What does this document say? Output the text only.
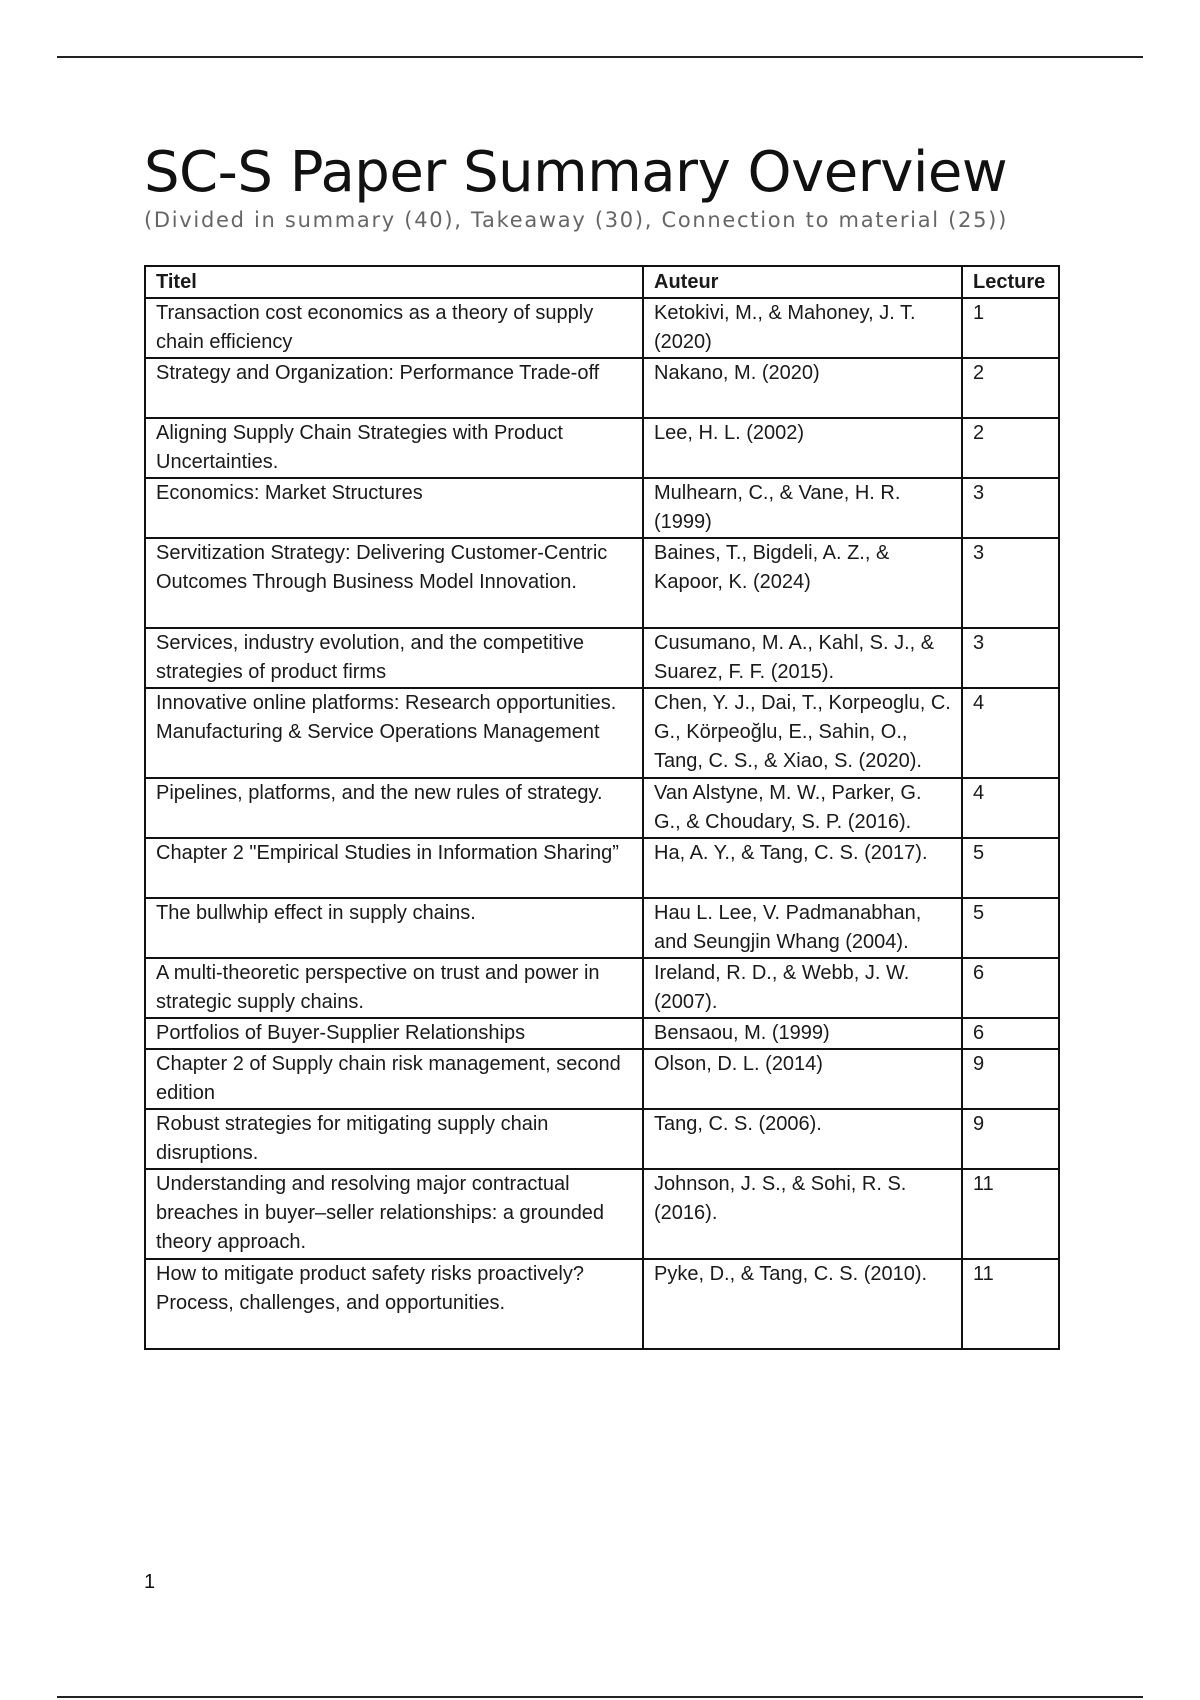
SC-S Paper Summary Overview

(Divided in summary (40), Takeaway (30), Connection to material (25))

Titel	Auteur	Lecture
Transaction cost economics as a theory of supply chain efficiency	Ketokivi, M., & Mahoney, J. T. (2020)	1
Strategy and Organization: Performance Trade-off	Nakano, M. (2020)	2
Aligning Supply Chain Strategies with Product Uncertainties.	Lee, H. L. (2002)	2
Economics: Market Structures	Mulhearn, C., & Vane, H. R. (1999)	3
Servitization Strategy: Delivering Customer-Centric Outcomes Through Business Model Innovation.	Baines, T., Bigdeli, A. Z., & Kapoor, K. (2024)	3
Services, industry evolution, and the competitive strategies of product firms	Cusumano, M. A., Kahl, S. J., & Suarez, F. F. (2015).	3
Innovative online platforms: Research opportunities. Manufacturing & Service Operations Management	Chen, Y. J., Dai, T., Korpeoglu, C. G., Körpeoğlu, E., Sahin, O., Tang, C. S., & Xiao, S. (2020).	4
Pipelines, platforms, and the new rules of strategy.	Van Alstyne, M. W., Parker, G. G., & Choudary, S. P. (2016).	4
Chapter 2 "Empirical Studies in Information Sharing”	Ha, A. Y., & Tang, C. S. (2017).	5
The bullwhip effect in supply chains.	Hau L. Lee, V. Padmanabhan, and Seungjin Whang (2004).	5
A multi-theoretic perspective on trust and power in strategic supply chains.	Ireland, R. D., & Webb, J. W. (2007).	6
Portfolios of Buyer-Supplier Relationships	Bensaou, M. (1999)	6
Chapter 2 of Supply chain risk management, second edition	Olson, D. L. (2014)	9
Robust strategies for mitigating supply chain disruptions.	Tang, C. S. (2006).	9
Understanding and resolving major contractual breaches in buyer–seller relationships: a grounded theory approach.	Johnson, J. S., & Sohi, R. S. (2016).	11
How to mitigate product safety risks proactively? Process, challenges, and opportunities.	Pyke, D., & Tang, C. S. (2010).	11
1
